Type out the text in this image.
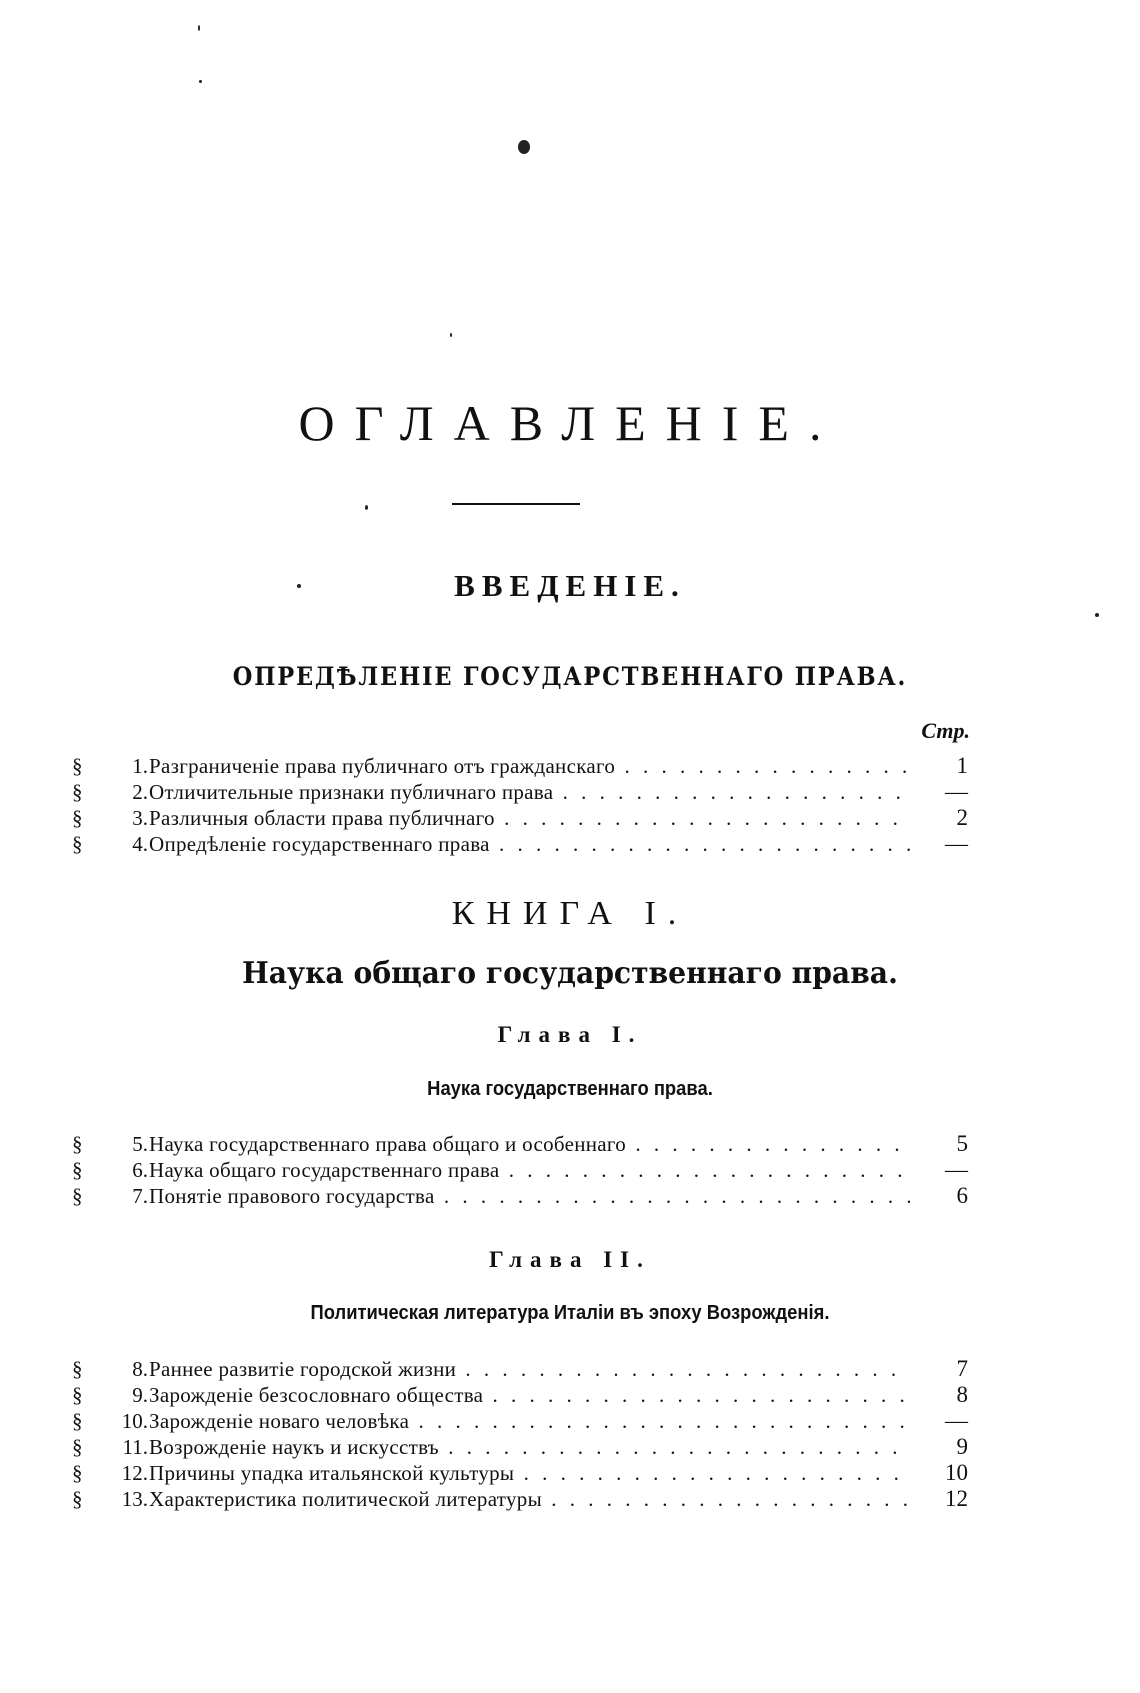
ОГЛАВЛЕНІЕ.
ВВЕДЕНІЕ.
ОПРЕДѢЛЕНІЕ ГОСУДАРСТВЕННАГО ПРАВА.
Стр.
§	1. Разграниченіе права публичнаго отъ гражданскаго . . .	1
§	2. Отличительные признаки публичнаго права . . .	—
§	3. Различныя области права публичнаго . . .	2
§	4. Опредѣленіе государственнаго права . . .	—
КНИГА I.
Наука общаго государственнаго права.
Глава I.
Наука государственнаго права.
§	5. Наука государственнаго права общаго и особеннаго . . .	5
§	6. Наука общаго государственнаго права . . .	—
§	7. Понятіе правового государства . . .	6
Глава II.
Политическая литература Италіи въ эпоху Возрожденія.
§	8. Раннее развитіе городской жизни . . .	7
§	9. Зарожденіе безсословнаго общества . . .	8
§	10. Зарожденіе новаго человѣка . . .	—
§	11. Возрожденіе наукъ и искусствъ . . .	9
§	12. Причины упадка итальянской культуры . . .	10
§	13. Характеристика политической литературы . . .	12
